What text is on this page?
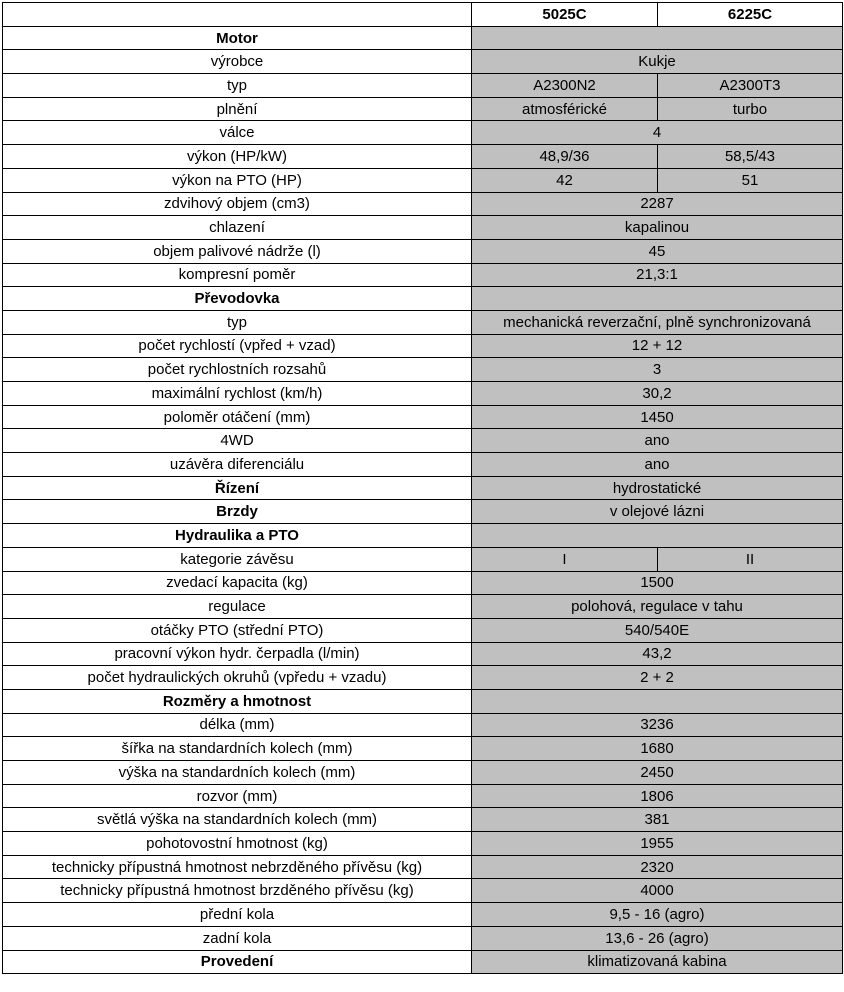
	5025C	6225C
Motor		
výrobce	Kukje	
typ	A2300N2	A2300T3
plnění	atmosférické	turbo
válce	4	
výkon (HP/kW)	48,9/36	58,5/43
výkon na PTO (HP)	42	51
zdvihový objem (cm3)	2287	
chlazení	kapalinou	
objem palivové nádrže (l)	45	
kompresní poměr	21,3:1	
Převodovka		
typ	mechanická reverzační, plně synchronizovaná	
počet rychlostí (vpřed + vzad)	12 + 12	
počet rychlostních rozsahů	3	
maximální rychlost (km/h)	30,2	
poloměr otáčení (mm)	1450	
4WD	ano	
uzávěra diferenciálu	ano	
Řízení	hydrostatické	
Brzdy	v olejové lázni	
Hydraulika a PTO		
kategorie závěsu	I	II
zvedací kapacita (kg)	1500	
regulace	polohová, regulace v tahu	
otáčky PTO (střední PTO)	540/540E	
pracovní výkon hydr. čerpadla (l/min)	43,2	
počet hydraulických okruhů (vpředu + vzadu)	2 + 2	
Rozměry a hmotnost		
délka (mm)	3236	
šířka na standardních kolech (mm)	1680	
výška na standardních kolech (mm)	2450	
rozvor (mm)	1806	
světlá výška na standardních kolech (mm)	381	
pohotovostní hmotnost (kg)	1955	
technicky přípustná hmotnost nebrzděného přívěsu (kg)	2320	
technicky přípustná hmotnost brzděného přívěsu (kg)	4000	
přední kola	9,5 - 16 (agro)	
zadní kola	13,6 - 26 (agro)	
Provedení	klimatizovaná kabina	
